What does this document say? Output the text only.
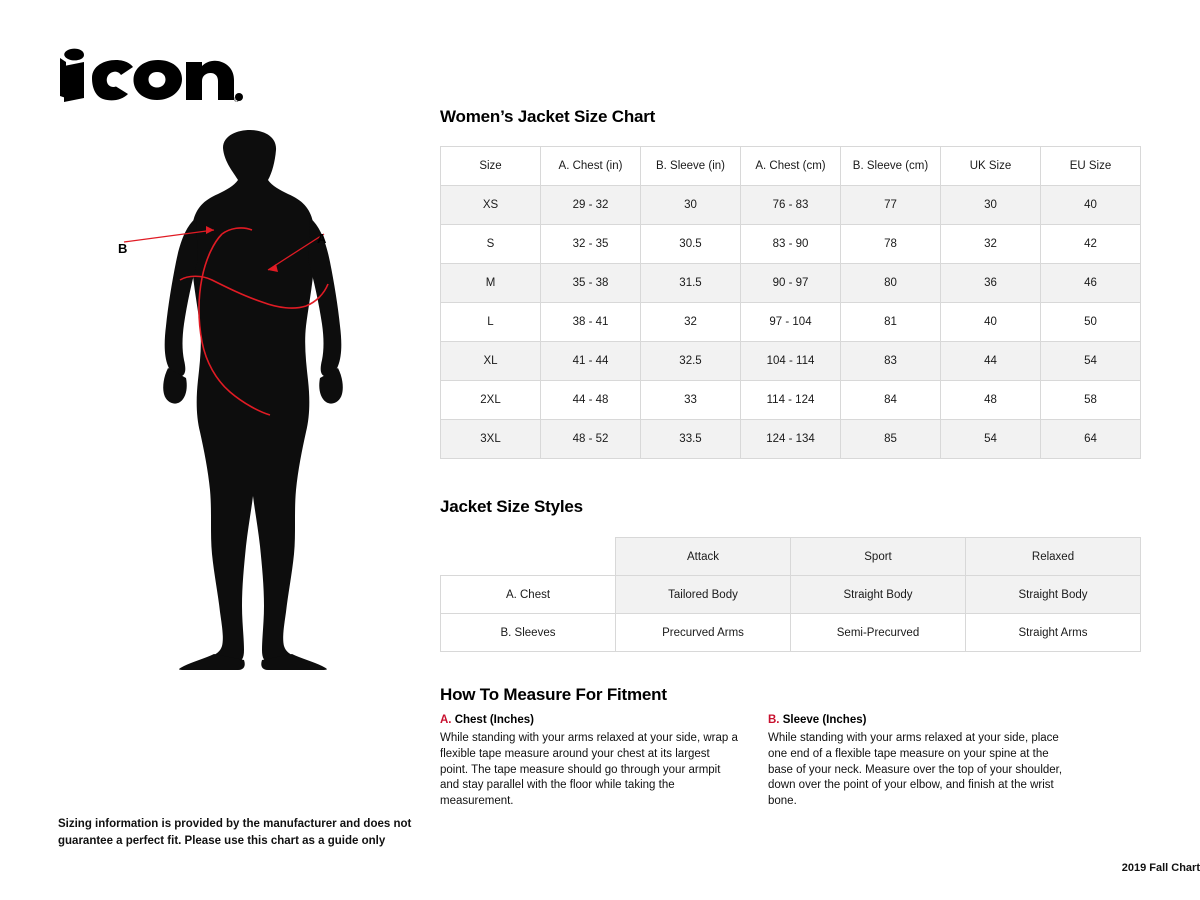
®
B
A
Sizing information is provided by the manufacturer and does not guarantee a perfect fit. Please use this chart as a guide only
Women’s Jacket Size Chart
Size	A. Chest (in)	B. Sleeve (in)	A. Chest (cm)	B. Sleeve (cm)	UK Size	EU Size
XS	29 - 32	30	76 - 83	77	30	40
S	32 - 35	30.5	83 - 90	78	32	42
M	35 - 38	31.5	90 - 97	80	36	46
L	38 - 41	32	97 - 104	81	40	50
XL	41 - 44	32.5	104 - 114	83	44	54
2XL	44 - 48	33	114 - 124	84	48	58
3XL	48 - 52	33.5	124 - 134	85	54	64
Jacket Size Styles
	Attack	Sport	Relaxed
A. Chest	Tailored Body	Straight Body	Straight Body
B. Sleeves	Precurved Arms	Semi-Precurved	Straight Arms
How To Measure For Fitment
A. Chest (Inches)
While standing with your arms relaxed at your side, wrap a flexible tape measure around your chest at its largest point. The tape measure should go through your armpit and stay parallel with the floor while taking the measurement.
B. Sleeve (Inches)
While standing with your arms relaxed at your side, place one end of a flexible tape measure on your spine at the base of your neck. Measure over the top of your shoulder, down over the point of your elbow, and finish at the wrist bone.
2019 Fall Chart
